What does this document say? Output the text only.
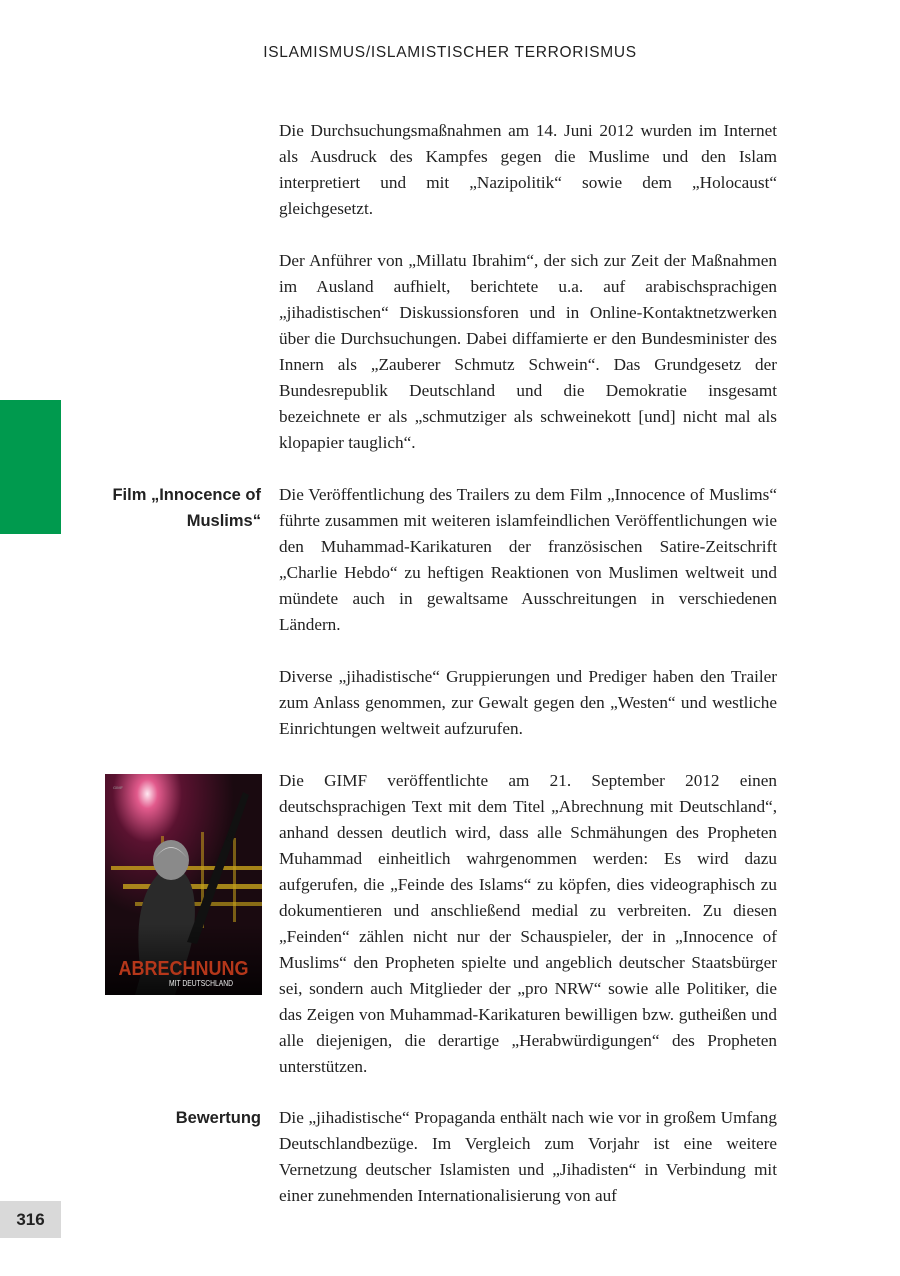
ISLAMISMUS/ISLAMISTISCHER TERRORISMUS

Die Durchsuchungsmaßnahmen am 14. Juni 2012 wurden im Internet als Ausdruck des Kampfes gegen die Muslime und den Islam interpretiert und mit „Nazipolitik“ sowie dem „Holocaust“ gleichgesetzt.

Der Anführer von „Millatu Ibrahim“, der sich zur Zeit der Maßnahmen im Ausland aufhielt, berichtete u.a. auf arabischsprachigen „jihadistischen“ Diskussionsforen und in Online-Kontaktnetzwerken über die Durchsuchungen. Dabei diffamierte er den Bundesminister des Innern als „Zauberer Schmutz Schwein“. Das Grundgesetz der Bundesrepublik Deutschland und die Demokratie insgesamt bezeichnete er als „schmutziger als schweinekott [und] nicht mal als klopapier tauglich“.

Film „Innocence of
Muslims“

Die Veröffentlichung des Trailers zu dem Film „Innocence of Muslims“ führte zusammen mit weiteren islamfeindlichen Veröffentlichungen wie den Muhammad-Karikaturen der französischen Satire-Zeitschrift „Charlie Hebdo“ zu heftigen Reaktionen von Muslimen weltweit und mündete auch in gewaltsame Ausschreitungen in verschiedenen Ländern.

Diverse „jihadistische“ Gruppierungen und Prediger haben den Trailer zum Anlass genommen, zur Gewalt gegen den „Westen“ und westliche Einrichtungen weltweit aufzurufen.

GIMF
ABRECHNUNG
MIT DEUTSCHLAND

Die GIMF veröffentlichte am 21. September 2012 einen deutschsprachigen Text mit dem Titel „Abrechnung mit Deutschland“, anhand dessen deutlich wird, dass alle Schmähungen des Propheten Muhammad einheitlich wahrgenommen werden: Es wird dazu aufgerufen, die „Feinde des Islams“ zu köpfen, dies videographisch zu dokumentieren und anschließend medial zu verbreiten. Zu diesen „Feinden“ zählen nicht nur der Schauspieler, der in „Innocence of Muslims“ den Propheten spielte und angeblich deutscher Staatsbürger sei, sondern auch Mitglieder der „pro NRW“ sowie alle Politiker, die das Zeigen von Muhammad-Karikaturen bewilligen bzw. gutheißen und alle diejenigen, die derartige „Herabwürdigungen“ des Propheten unterstützen.

Bewertung Die „jihadistische“ Propaganda enthält nach wie vor in großem Umfang Deutschlandbezüge. Im Vergleich zum Vorjahr ist eine weitere Vernetzung deutscher Islamisten und „Jihadisten“ in Verbindung mit einer zunehmenden Internationalisierung von auf

316
